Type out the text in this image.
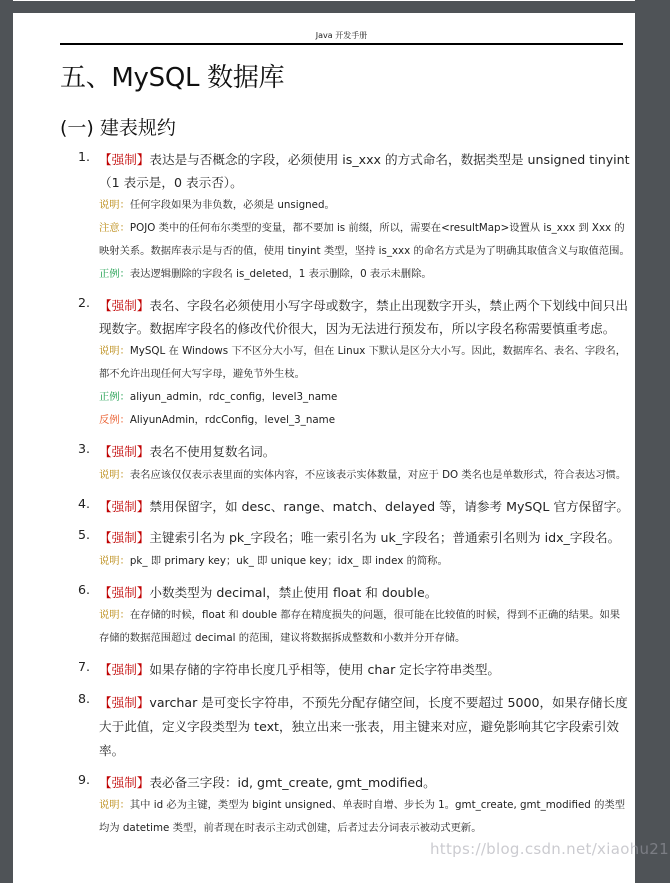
Java 开发手册
五、MySQL 数据库
(一) 建表规约
1. 【强制】表达是与否概念的字段，必须使用 is_xxx 的方式命名，数据类型是 unsigned tinyint（1 表示是，0 表示否）。
说明：任何字段如果为非负数，必须是 unsigned。
注意：POJO 类中的任何布尔类型的变量，都不要加 is 前缀，所以，需要在<resultMap>设置从 is_xxx 到 Xxx 的映射关系。数据库表示是与否的值，使用 tinyint 类型，坚持 is_xxx 的命名方式是为了明确其取值含义与取值范围。
正例：表达逻辑删除的字段名 is_deleted，1 表示删除，0 表示未删除。
2. 【强制】表名、字段名必须使用小写字母或数字，禁止出现数字开头，禁止两个下划线中间只出现数字。数据库字段名的修改代价很大，因为无法进行预发布，所以字段名称需要慎重考虑。
说明：MySQL 在 Windows 下不区分大小写，但在 Linux 下默认是区分大小写。因此，数据库名、表名、字段名，都不允许出现任何大写字母，避免节外生枝。
正例：aliyun_admin，rdc_config，level3_name
反例：AliyunAdmin，rdcConfig，level_3_name
3. 【强制】表名不使用复数名词。
说明：表名应该仅仅表示表里面的实体内容，不应该表示实体数量，对应于 DO 类名也是单数形式，符合表达习惯。
4. 【强制】禁用保留字，如 desc、range、match、delayed 等，请参考 MySQL 官方保留字。
5. 【强制】主键索引名为 pk_字段名；唯一索引名为 uk_字段名；普通索引名则为 idx_字段名。
说明：pk_ 即 primary key；uk_ 即 unique key；idx_ 即 index 的简称。
6. 【强制】小数类型为 decimal，禁止使用 float 和 double。
说明：在存储的时候，float 和 double 都存在精度损失的问题，很可能在比较值的时候，得到不正确的结果。如果存储的数据范围超过 decimal 的范围，建议将数据拆成整数和小数并分开存储。
7. 【强制】如果存储的字符串长度几乎相等，使用 char 定长字符串类型。
8. 【强制】varchar 是可变长字符串，不预先分配存储空间，长度不要超过 5000，如果存储长度大于此值，定义字段类型为 text，独立出来一张表，用主键来对应，避免影响其它字段索引效率。
9. 【强制】表必备三字段：id, gmt_create, gmt_modified。
说明：其中 id 必为主键，类型为 bigint unsigned、单表时自增、步长为 1。gmt_create, gmt_modified 的类型均为 datetime 类型，前者现在时表示主动式创建，后者过去分词表示被动式更新。
https://blog.csdn.net/xiaohu21
